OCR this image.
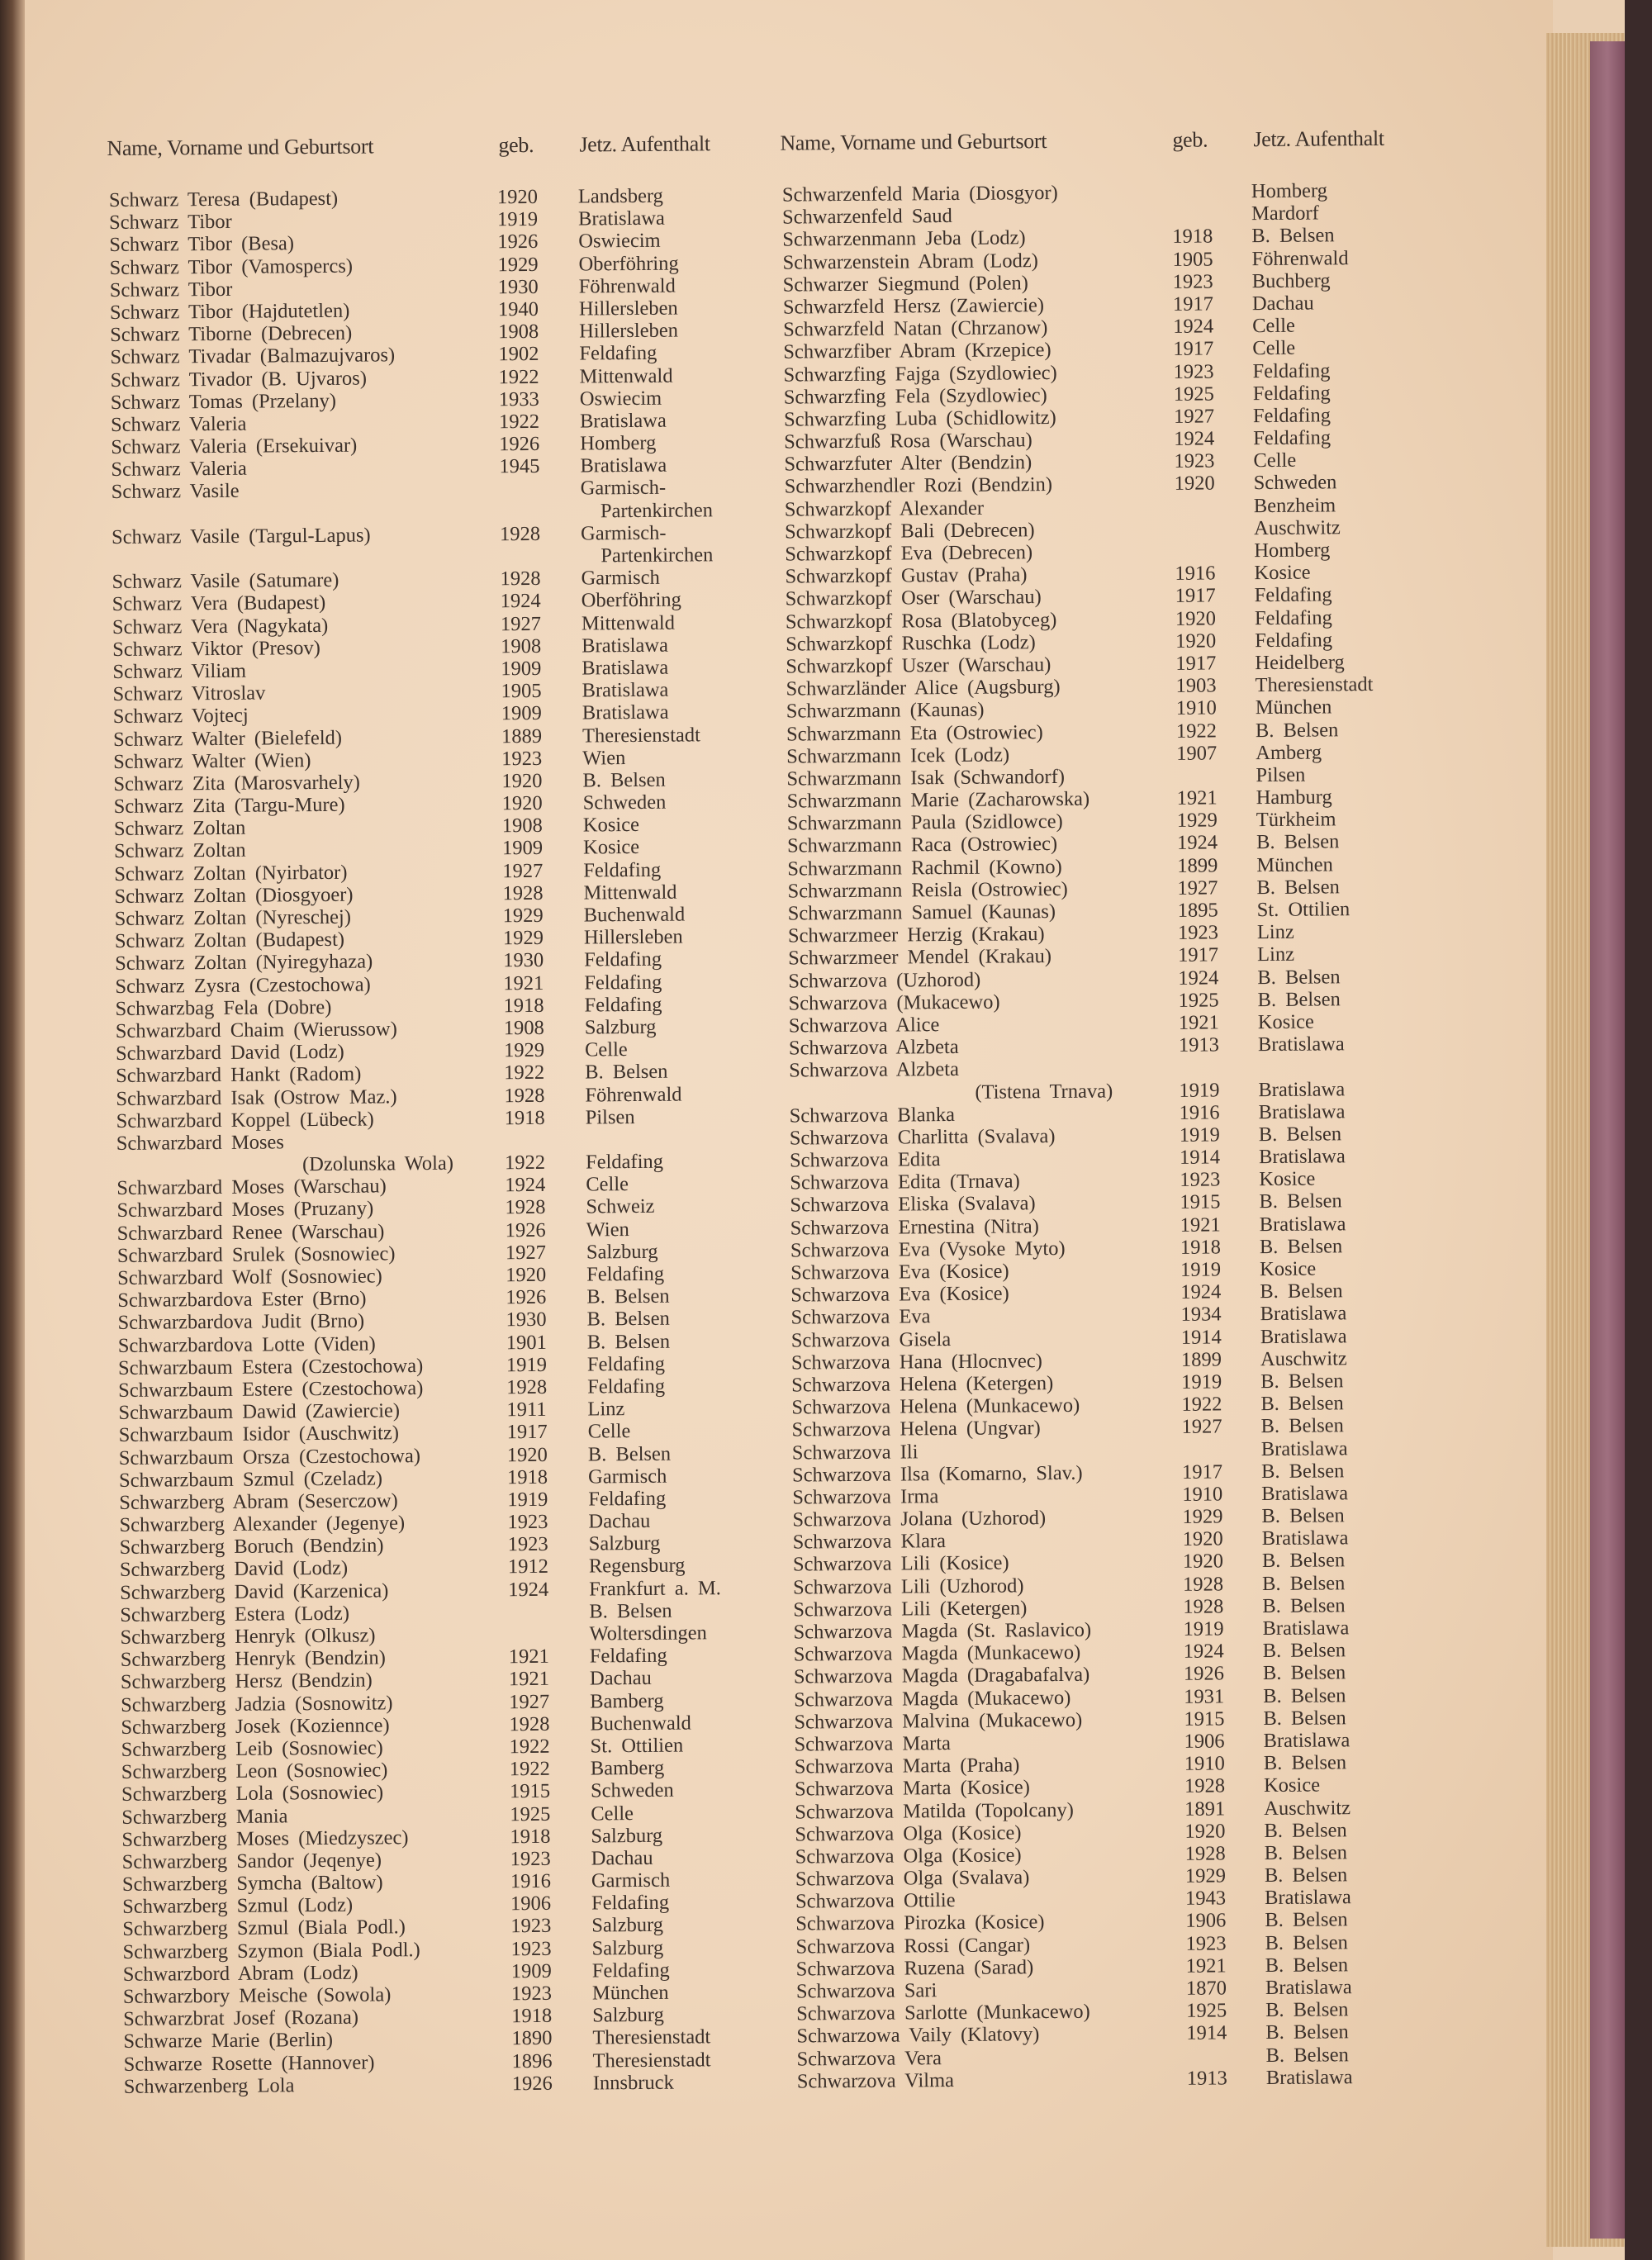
Name, Vorname und Geburtsort	geb. Jetz. Aufenthalt	Name, Vorname und Geburtsort	geb. Jetz. Aufenthalt
Schwarz Teresa (Budapest)	1920 Landsberg
Schwarz Tibor	1919 Bratislawa
Schwarz Tibor (Besa)	1926 Oswiecim
Schwarz Tibor (Vamospercs)	1929 Oberföhring
Schwarz Tibor	1930 Föhrenwald
Schwarz Tibor (Hajdutetlen)	1940 Hillersleben
Schwarz Tiborne (Debrecen)	1908 Hillersleben
Schwarz Tivadar (Balmazujvaros)	1902 Feldafing
Schwarz Tivador (B. Ujvaros)	1922 Mittenwald
Schwarz Tomas (Przelany)	1933 Oswiecim
Schwarz Valeria	1922 Bratislawa
Schwarz Valeria (Ersekuivar)	1926 Homberg
Schwarz Valeria	1945 Bratislawa
Schwarz Vasile	Garmisch-
Partenkirchen
Schwarz Vasile (Targul-Lapus)	1928 Garmisch-
Partenkirchen
Schwarz Vasile (Satumare)	1928 Garmisch
Schwarz Vera (Budapest)	1924 Oberföhring
Schwarz Vera (Nagykata)	1927 Mittenwald
Schwarz Viktor (Presov)	1908 Bratislawa
Schwarz Viliam	1909 Bratislawa
Schwarz Vitroslav	1905 Bratislawa
Schwarz Vojtecj	1909 Bratislawa
Schwarz Walter (Bielefeld)	1889 Theresienstadt
Schwarz Walter (Wien)	1923 Wien
Schwarz Zita (Marosvarhely)	1920 B. Belsen
Schwarz Zita (Targu-Mure)	1920 Schweden
Schwarz Zoltan	1908 Kosice
Schwarz Zoltan	1909 Kosice
Schwarz Zoltan (Nyirbator)	1927 Feldafing
Schwarz Zoltan (Diosgyoer)	1928 Mittenwald
Schwarz Zoltan (Nyreschej)	1929 Buchenwald
Schwarz Zoltan (Budapest)	1929 Hillersleben
Schwarz Zoltan (Nyiregyhaza)	1930 Feldafing
Schwarz Zysra (Czestochowa)	1921 Feldafing
Schwarzbag Fela (Dobre)	1918 Feldafing
Schwarzbard Chaim (Wierussow)	1908 Salzburg
Schwarzbard David (Lodz)	1929 Celle
Schwarzbard Hankt (Radom)	1922 B. Belsen
Schwarzbard Isak (Ostrow Maz.)	1928 Föhrenwald
Schwarzbard Koppel (Lübeck)	1918 Pilsen
Schwarzbard Moses
(Dzolunska Wola)	1922 Feldafing
Schwarzbard Moses (Warschau)	1924 Celle
Schwarzbard Moses (Pruzany)	1928 Schweiz
Schwarzbard Renee (Warschau)	1926 Wien
Schwarzbard Srulek (Sosnowiec)	1927 Salzburg
Schwarzbard Wolf (Sosnowiec)	1920 Feldafing
Schwarzbardova Ester (Brno)	1926 B. Belsen
Schwarzbardova Judit (Brno)	1930 B. Belsen
Schwarzbardova Lotte (Viden)	1901 B. Belsen
Schwarzbaum Estera (Czestochowa)	1919 Feldafing
Schwarzbaum Estere (Czestochowa)	1928 Feldafing
Schwarzbaum Dawid (Zawiercie)	1911 Linz
Schwarzbaum Isidor (Auschwitz)	1917 Celle
Schwarzbaum Orsza (Czestochowa)	1920 B. Belsen
Schwarzbaum Szmul (Czeladz)	1918 Garmisch
Schwarzberg Abram (Seserczow)	1919 Feldafing
Schwarzberg Alexander (Jegenye)	1923 Dachau
Schwarzberg Boruch (Bendzin)	1923 Salzburg
Schwarzberg David (Lodz)	1912 Regensburg
Schwarzberg David (Karzenica)	1924 Frankfurt a. M.
Schwarzberg Estera (Lodz)	B. Belsen
Schwarzberg Henryk (Olkusz)	Woltersdingen
Schwarzberg Henryk (Bendzin)	1921 Feldafing
Schwarzberg Hersz (Bendzin)	1921 Dachau
Schwarzberg Jadzia (Sosnowitz)	1927 Bamberg
Schwarzberg Josek (Koziennce)	1928 Buchenwald
Schwarzberg Leib (Sosnowiec)	1922 St. Ottilien
Schwarzberg Leon (Sosnowiec)	1922 Bamberg
Schwarzberg Lola (Sosnowiec)	1915 Schweden
Schwarzberg Mania	1925 Celle
Schwarzberg Moses (Miedzyszec)	1918 Salzburg
Schwarzberg Sandor (Jeqenye)	1923 Dachau
Schwarzberg Symcha (Baltow)	1916 Garmisch
Schwarzberg Szmul (Lodz)	1906 Feldafing
Schwarzberg Szmul (Biala Podl.)	1923 Salzburg
Schwarzberg Szymon (Biala Podl.)	1923 Salzburg
Schwarzbord Abram (Lodz)	1909 Feldafing
Schwarzbory Meische (Sowola)	1923 München
Schwarzbrat Josef (Rozana)	1918 Salzburg
Schwarze Marie (Berlin)	1890 Theresienstadt
Schwarze Rosette (Hannover)	1896 Theresienstadt
Schwarzenberg Lola	1926 Innsbruck
Schwarzenfeld Maria (Diosgyor)	Homberg
Schwarzenfeld Saud	Mardorf
Schwarzenmann Jeba (Lodz)	1918 B. Belsen
Schwarzenstein Abram (Lodz)	1905 Föhrenwald
Schwarzer Siegmund (Polen)	1923 Buchberg
Schwarzfeld Hersz (Zawiercie)	1917 Dachau
Schwarzfeld Natan (Chrzanow)	1924 Celle
Schwarzfiber Abram (Krzepice)	1917 Celle
Schwarzfing Fajga (Szydlowiec)	1923 Feldafing
Schwarzfing Fela (Szydlowiec)	1925 Feldafing
Schwarzfing Luba (Schidlowitz)	1927 Feldafing
Schwarzfuß Rosa (Warschau)	1924 Feldafing
Schwarzfuter Alter (Bendzin)	1923 Celle
Schwarzhendler Rozi (Bendzin)	1920 Schweden
Schwarzkopf Alexander	Benzheim
Schwarzkopf Bali (Debrecen)	Auschwitz
Schwarzkopf Eva (Debrecen)	Homberg
Schwarzkopf Gustav (Praha)	1916 Kosice
Schwarzkopf Oser (Warschau)	1917 Feldafing
Schwarzkopf Rosa (Blatobyceg)	1920 Feldafing
Schwarzkopf Ruschka (Lodz)	1920 Feldafing
Schwarzkopf Uszer (Warschau)	1917 Heidelberg
Schwarzländer Alice (Augsburg)	1903 Theresienstadt
Schwarzmann (Kaunas)	1910 München
Schwarzmann Eta (Ostrowiec)	1922 B. Belsen
Schwarzmann Icek (Lodz)	1907 Amberg
Schwarzmann Isak (Schwandorf)	Pilsen
Schwarzmann Marie (Zacharowska)	1921 Hamburg
Schwarzmann Paula (Szidlowce)	1929 Türkheim
Schwarzmann Raca (Ostrowiec)	1924 B. Belsen
Schwarzmann Rachmil (Kowno)	1899 München
Schwarzmann Reisla (Ostrowiec)	1927 B. Belsen
Schwarzmann Samuel (Kaunas)	1895 St. Ottilien
Schwarzmeer Herzig (Krakau)	1923 Linz
Schwarzmeer Mendel (Krakau)	1917 Linz
Schwarzova (Uzhorod)	1924 B. Belsen
Schwarzova (Mukacewo)	1925 B. Belsen
Schwarzova Alice	1921 Kosice
Schwarzova Alzbeta	1913 Bratislawa
Schwarzova Alzbeta
(Tistena Trnava)	1919 Bratislawa
Schwarzova Blanka	1916 Bratislawa
Schwarzova Charlitta (Svalava)	1919 B. Belsen
Schwarzova Edita	1914 Bratislawa
Schwarzova Edita (Trnava)	1923 Kosice
Schwarzova Eliska (Svalava)	1915 B. Belsen
Schwarzova Ernestina (Nitra)	1921 Bratislawa
Schwarzova Eva (Vysoke Myto)	1918 B. Belsen
Schwarzova Eva (Kosice)	1919 Kosice
Schwarzova Eva (Kosice)	1924 B. Belsen
Schwarzova Eva	1934 Bratislawa
Schwarzova Gisela	1914 Bratislawa
Schwarzova Hana (Hlocnvec)	1899 Auschwitz
Schwarzova Helena (Ketergen)	1919 B. Belsen
Schwarzova Helena (Munkacewo)	1922 B. Belsen
Schwarzova Helena (Ungvar)	1927 B. Belsen
Schwarzova Ili	Bratislawa
Schwarzova Ilsa (Komarno, Slav.)	1917 B. Belsen
Schwarzova Irma	1910 Bratislawa
Schwarzova Jolana (Uzhorod)	1929 B. Belsen
Schwarzova Klara	1920 Bratislawa
Schwarzova Lili (Kosice)	1920 B. Belsen
Schwarzova Lili (Uzhorod)	1928 B. Belsen
Schwarzova Lili (Ketergen)	1928 B. Belsen
Schwarzova Magda (St. Raslavico)	1919 Bratislawa
Schwarzova Magda (Munkacewo)	1924 B. Belsen
Schwarzova Magda (Dragabafalva)	1926 B. Belsen
Schwarzova Magda (Mukacewo)	1931 B. Belsen
Schwarzova Malvina (Mukacewo)	1915 B. Belsen
Schwarzova Marta	1906 Bratislawa
Schwarzova Marta (Praha)	1910 B. Belsen
Schwarzova Marta (Kosice)	1928 Kosice
Schwarzova Matilda (Topolcany)	1891 Auschwitz
Schwarzova Olga (Kosice)	1920 B. Belsen
Schwarzova Olga (Kosice)	1928 B. Belsen
Schwarzova Olga (Svalava)	1929 B. Belsen
Schwarzova Ottilie	1943 Bratislawa
Schwarzova Pirozka (Kosice)	1906 B. Belsen
Schwarzova Rossi (Cangar)	1923 B. Belsen
Schwarzova Ruzena (Sarad)	1921 B. Belsen
Schwarzova Sari	1870 Bratislawa
Schwarzova Sarlotte (Munkacewo)	1925 B. Belsen
Schwarzowa Vaily (Klatovy)	1914 B. Belsen
Schwarzova Vera	B. Belsen
Schwarzova Vilma	1913 Bratislawa
